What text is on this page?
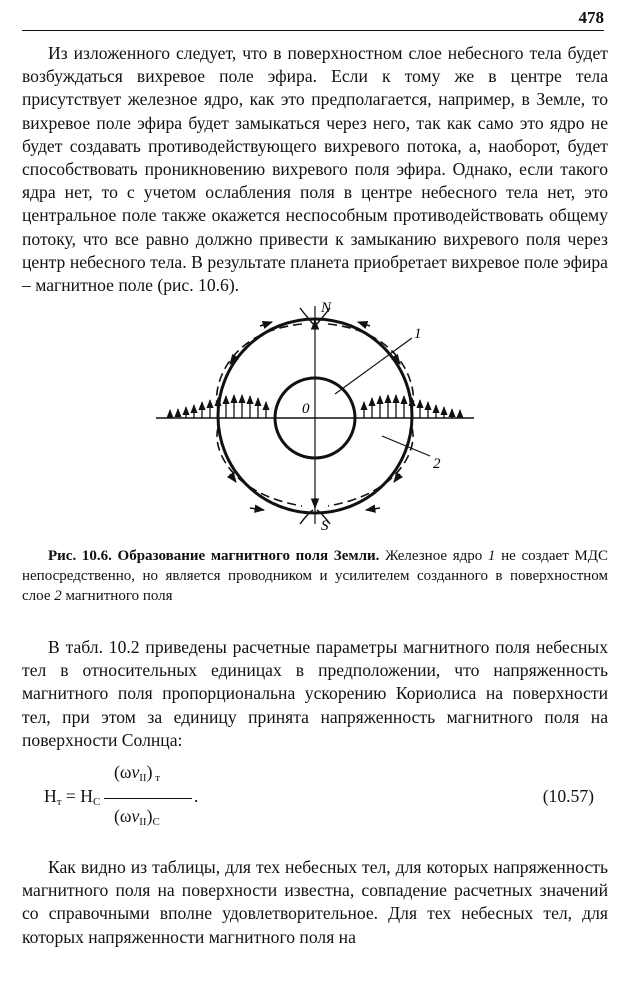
478

Из изложенного следует, что в поверхностном слое небесного тела будет возбуждаться вихревое поле эфира. Если к тому же в центре тела присутствует железное ядро, как это предполагается, например, в Земле, то вихревое поле эфира будет замыкаться через него, так как само это ядро не будет создавать противодействующего вихревого потока, а, наоборот, будет способствовать проникновению вихревого поля эфира. Однако, если такого ядра нет, то с учетом ослабления поля в центре небесного тела нет, это центральное поле также окажется неспособным противодействовать общему потоку, что все равно должно привести к замыканию вихревого поля через центр небесного тела. В результате планета приобретает вихревое поле эфира – магнитное поле (рис. 10.6).

N
S
0
1
2

Рис. 10.6. Образование магнитного поля Земли. Железное ядро 1 не создает МДС непосредственно, но является проводником и усилителем созданного в поверхностном слое 2 магнитного поля

В табл. 10.2 приведены расчетные параметры магнитного поля небесных тел в относительных единицах в предположении, что напряженность магнитного поля пропорциональна ускорению Кориолиса на поверхности тел, при этом за единицу принята напряженность магнитного поля на поверхности Солнца:

$H_т = H_C$
$(\omega v_{II})$ $_т$
$(\omega v_{II})_C$
.	(10.57)

Как видно из таблицы, для тех небесных тел, для которых напряженность магнитного поля на поверхности известна, совпадение расчетных значений со справочными вполне удовлетворительное. Для тех небесных тел, для которых напряженности магнитного поля на
